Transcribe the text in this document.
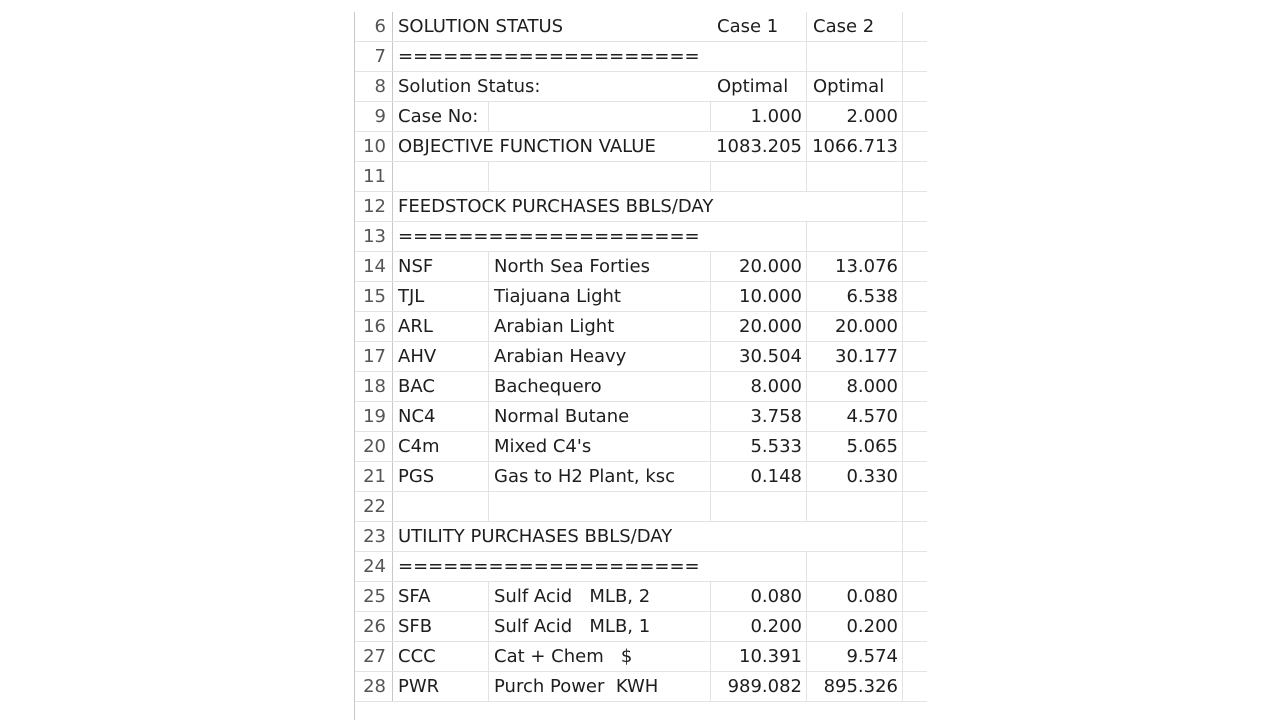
6 SOLUTION STATUS	Case 1	Case 2
7 ====================
8 Solution Status:	Optimal	Optimal
9 Case No:	1.000	2.000
10 OBJECTIVE FUNCTION VALUE	1083.205 1066.713
11
12 FEEDSTOCK PURCHASES BBLS/DAY
13 ====================
14 NSF	North Sea Forties	20.000	13.076
15 TJL	Tiajuana Light	10.000	6.538
16 ARL	Arabian Light	20.000	20.000
17 AHV	Arabian Heavy	30.504	30.177
18 BAC	Bachequero	8.000	8.000
19 NC4	Normal Butane	3.758	4.570
20 C4m	Mixed C4's	5.533	5.065
21 PGS	Gas to H2 Plant, ksc	0.148	0.330
22
23 UTILITY PURCHASES BBLS/DAY
24 ====================
25 SFA	Sulf Acid   MLB, 2	0.080	0.080
26 SFB	Sulf Acid   MLB, 1	0.200	0.200
27 CCC	Cat + Chem   $	10.391	9.574
28 PWR	Purch Power  KWH	989.082	895.326
